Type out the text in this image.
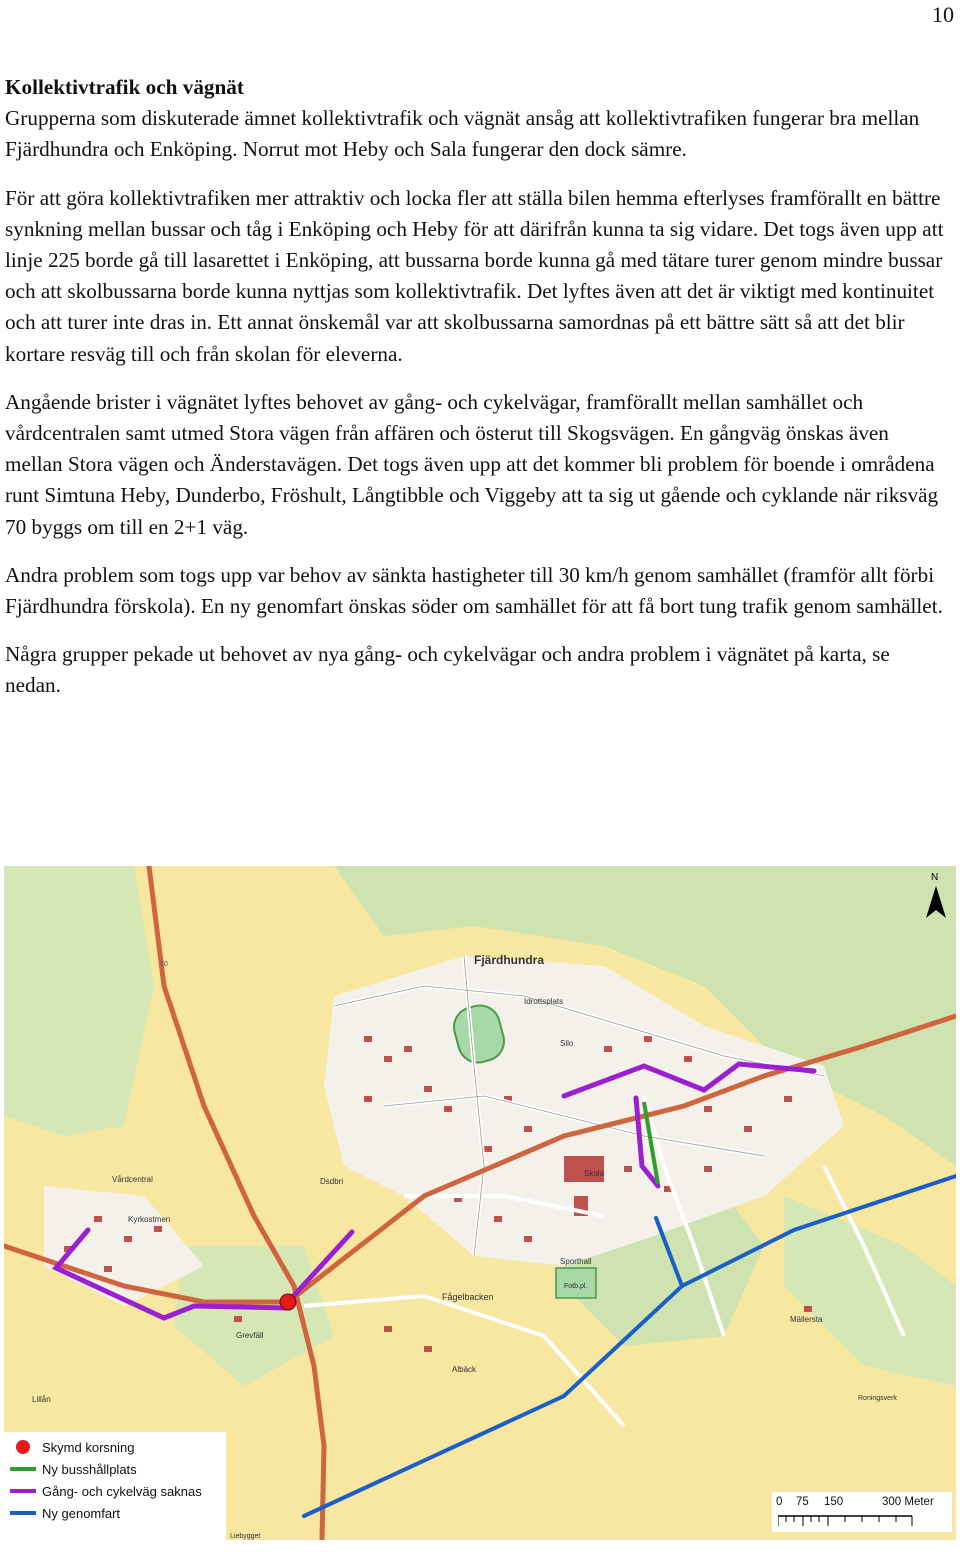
10
Kollektivtrafik och vägnät

Grupperna som diskuterade ämnet kollektivtrafik och vägnät ansåg att kollektivtrafiken fungerar bra mellan Fjärdhundra och Enköping. Norrut mot Heby och Sala fungerar den dock sämre.

För att göra kollektivtrafiken mer attraktiv och locka fler att ställa bilen hemma efterlyses framförallt en bättre synkning mellan bussar och tåg i Enköping och Heby för att därifrån kunna ta sig vidare. Det togs även upp att linje 225 borde gå till lasarettet i Enköping, att bussarna borde kunna gå med tätare turer genom mindre bussar och att skolbussarna borde kunna nyttjas som kollektivtrafik. Det lyftes även att det är viktigt med kontinuitet och att turer inte dras in. Ett annat önskemål var att skolbussarna samordnas på ett bättre sätt så att det blir kortare resväg till och från skolan för eleverna.

Angående brister i vägnätet lyftes behovet av gång- och cykelvägar, framförallt mellan samhället och vårdcentralen samt utmed Stora vägen från affären och österut till Skogsvägen. En gångväg önskas även mellan Stora vägen och Änderstavägen. Det togs även upp att det kommer bli problem för boende i områdena runt Simtuna Heby, Dunderbo, Fröshult, Långtibble och Viggeby att ta sig ut gående och cyklande när riksväg 70 byggs om till en 2+1 väg.

Andra problem som togs upp var behov av sänkta hastigheter till 30 km/h genom samhället (framför allt förbi Fjärdhundra förskola). En ny genomfart önskas söder om samhället för att få bort tung trafik genom samhället.

Några grupper pekade ut behovet av nya gång- och cykelvägar och andra problem i vägnätet på karta, se nedan.

Fjärdhundra
Idrottsplats
Silo
Vårdcentral
Kyrkostmen
Dsdbri
Skola
Sporthall
Fotb.pl.
Fågelbacken
Albäck
Grevfäll
Mällersta
Roningsverk
Lillån
Liebygget
70
N
Skymd korsning
Ny busshållplats
Gång- och cykelväg saknas
Ny genomfart
0 75 150	300 Meter
